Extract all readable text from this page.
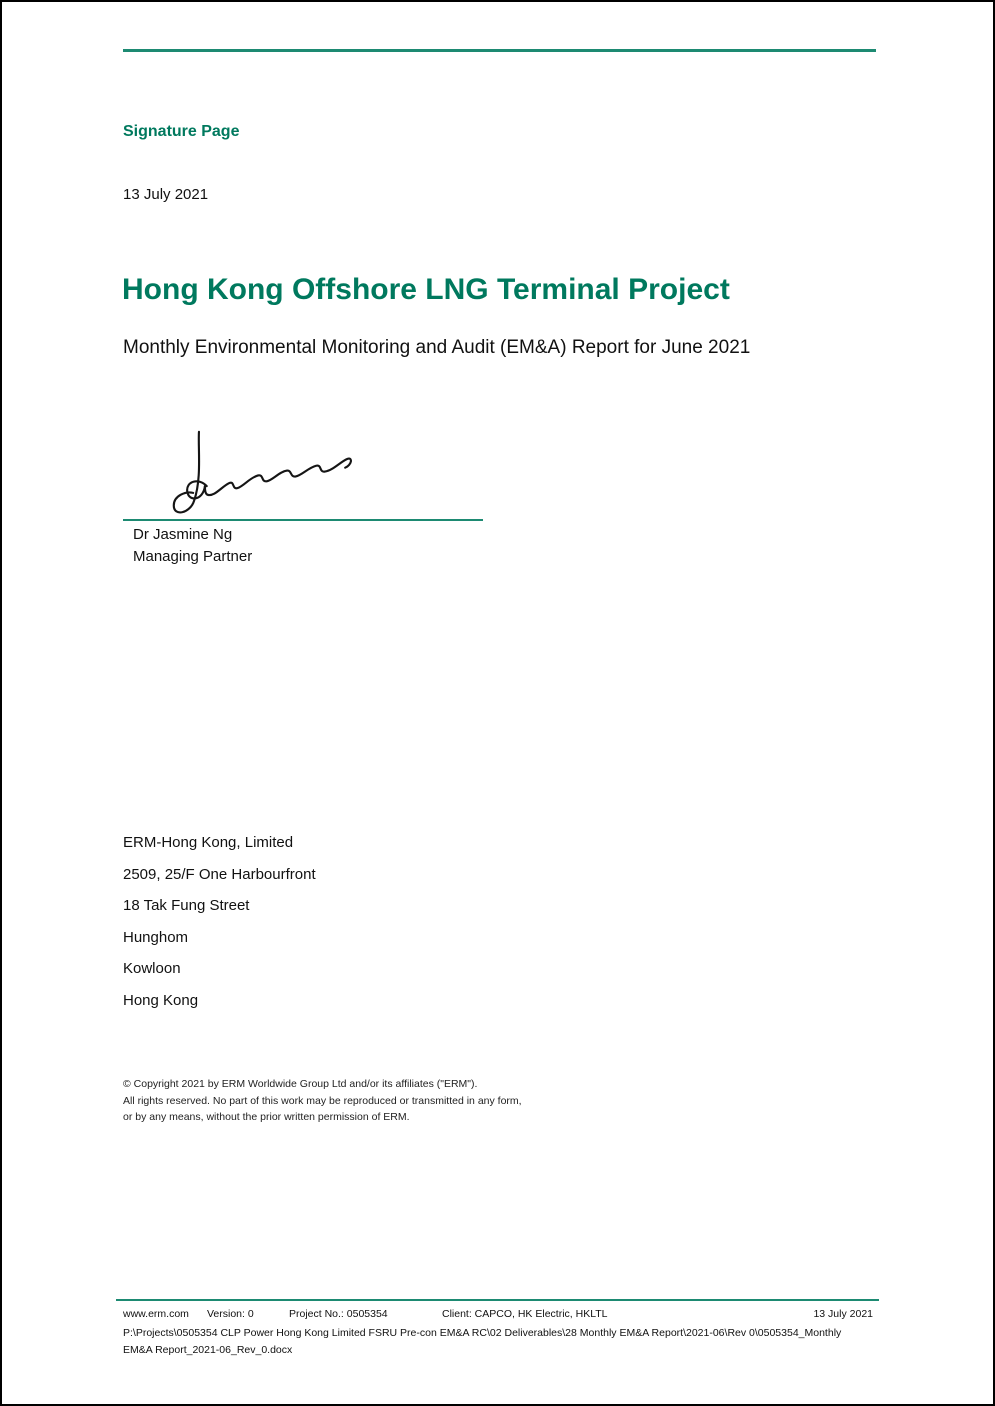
Signature Page
13 July 2021
Hong Kong Offshore LNG Terminal Project
Monthly Environmental Monitoring and Audit (EM&A) Report for June 2021
Dr Jasmine Ng
Managing Partner
ERM-Hong Kong, Limited
2509, 25/F One Harbourfront
18 Tak Fung Street
Hunghom
Kowloon
Hong Kong
© Copyright 2021 by ERM Worldwide Group Ltd and/or its affiliates ("ERM").
All rights reserved. No part of this work may be reproduced or transmitted in any form,
or by any means, without the prior written permission of ERM.
www.erm.com Version: 0	Project No.: 0505354	Client: CAPCO, HK Electric, HKLTL	13 July 2021
P:\Projects\0505354 CLP Power Hong Kong Limited FSRU Pre-con EM&A RC\02 Deliverables\28 Monthly EM&A Report\2021-06\Rev 0\0505354_Monthly EM&A Report_2021-06_Rev_0.docx
